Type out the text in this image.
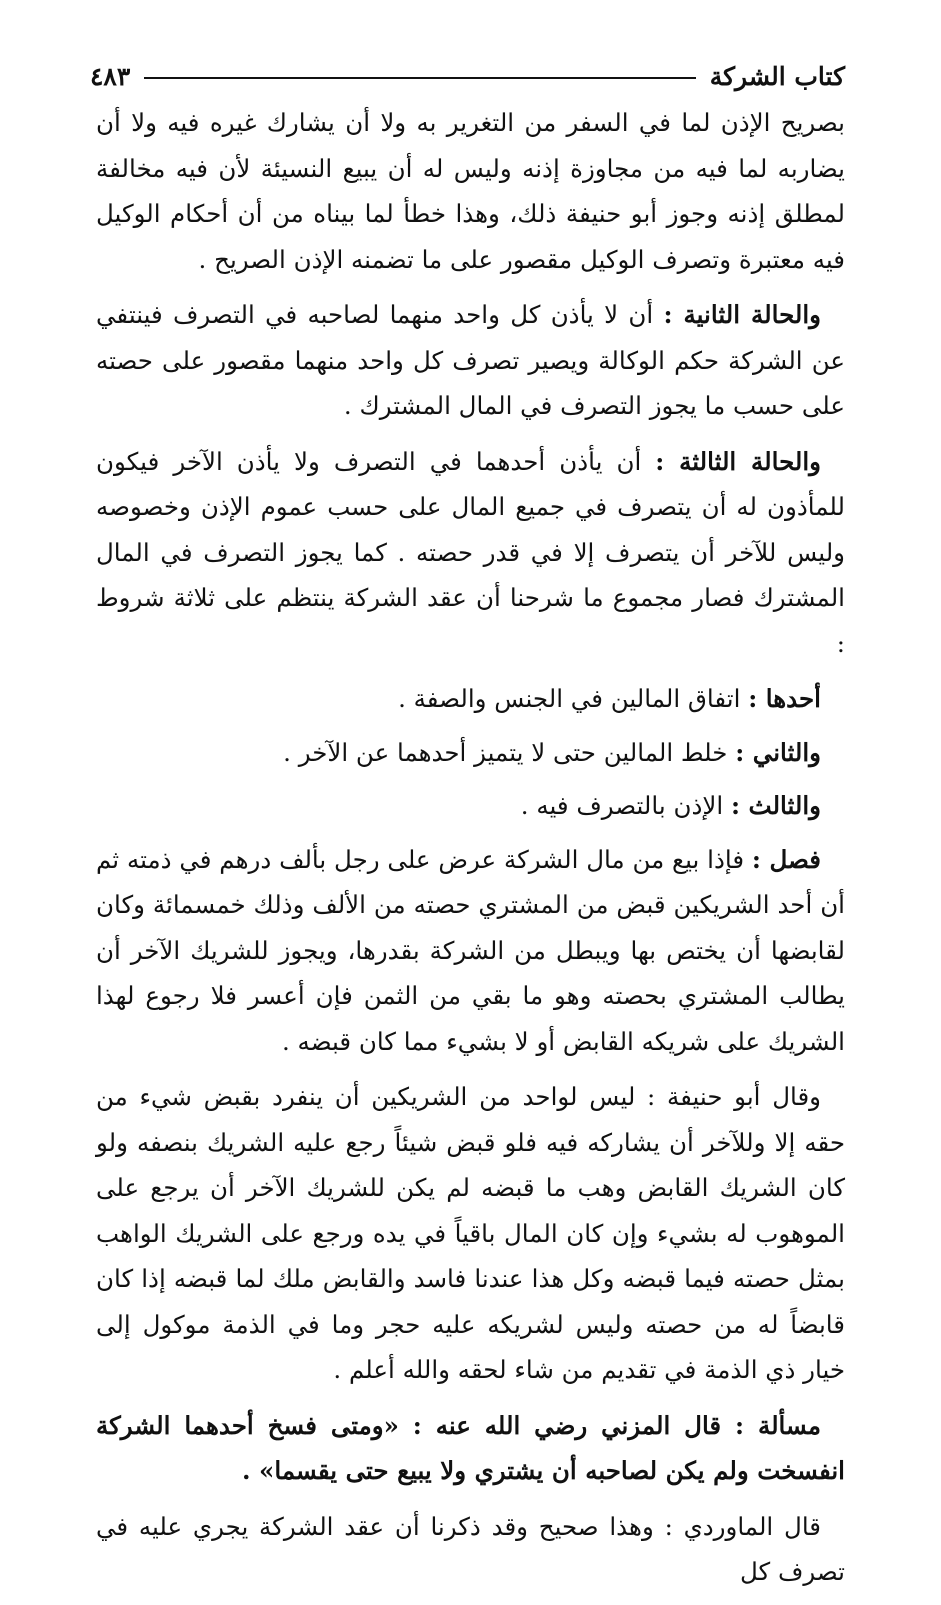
كتاب الشركة
٤٨٣

بصريح الإذن لما في السفر من التغرير به ولا أن يشارك غيره فيه ولا أن يضاربه لما فيه من مجاوزة إذنه وليس له أن يبيع النسيئة لأن فيه مخالفة لمطلق إذنه وجوز أبو حنيفة ذلك، وهذا خطأ لما بيناه من أن أحكام الوكيل فيه معتبرة وتصرف الوكيل مقصور على ما تضمنه الإذن الصريح .

والحالة الثانية : أن لا يأذن كل واحد منهما لصاحبه في التصرف فينتفي عن الشركة حكم الوكالة ويصير تصرف كل واحد منهما مقصور على حصته على حسب ما يجوز التصرف في المال المشترك .

والحالة الثالثة : أن يأذن أحدهما في التصرف ولا يأذن الآخر فيكون للمأذون له أن يتصرف في جميع المال على حسب عموم الإذن وخصوصه وليس للآخر أن يتصرف إلا في قدر حصته . كما يجوز التصرف في المال المشترك فصار مجموع ما شرحنا أن عقد الشركة ينتظم على ثلاثة شروط :

أحدها : اتفاق المالين في الجنس والصفة .

والثاني : خلط المالين حتى لا يتميز أحدهما عن الآخر .

والثالث : الإذن بالتصرف فيه .

فصل : فإذا بيع من مال الشركة عرض على رجل بألف درهم في ذمته ثم أن أحد الشريكين قبض من المشتري حصته من الألف وذلك خمسمائة وكان لقابضها أن يختص بها ويبطل من الشركة بقدرها، ويجوز للشريك الآخر أن يطالب المشتري بحصته وهو ما بقي من الثمن فإن أعسر فلا رجوع لهذا الشريك على شريكه القابض أو لا بشيء مما كان قبضه .

وقال أبو حنيفة : ليس لواحد من الشريكين أن ينفرد بقبض شيء من حقه إلا وللآخر أن يشاركه فيه فلو قبض شيئاً رجع عليه الشريك بنصفه ولو كان الشريك القابض وهب ما قبضه لم يكن للشريك الآخر أن يرجع على الموهوب له بشيء وإن كان المال باقياً في يده ورجع على الشريك الواهب بمثل حصته فيما قبضه وكل هذا عندنا فاسد والقابض ملك لما قبضه إذا كان قابضاً له من حصته وليس لشريكه عليه حجر وما في الذمة موكول إلى خيار ذي الذمة في تقديم من شاء لحقه والله أعلم .

مسألة : قال المزني رضي الله عنه : «ومتى فسخ أحدهما الشركة انفسخت ولم يكن لصاحبه أن يشتري ولا يبيع حتى يقسما» .

قال الماوردي : وهذا صحيح وقد ذكرنا أن عقد الشركة يجري عليه في تصرف كل
